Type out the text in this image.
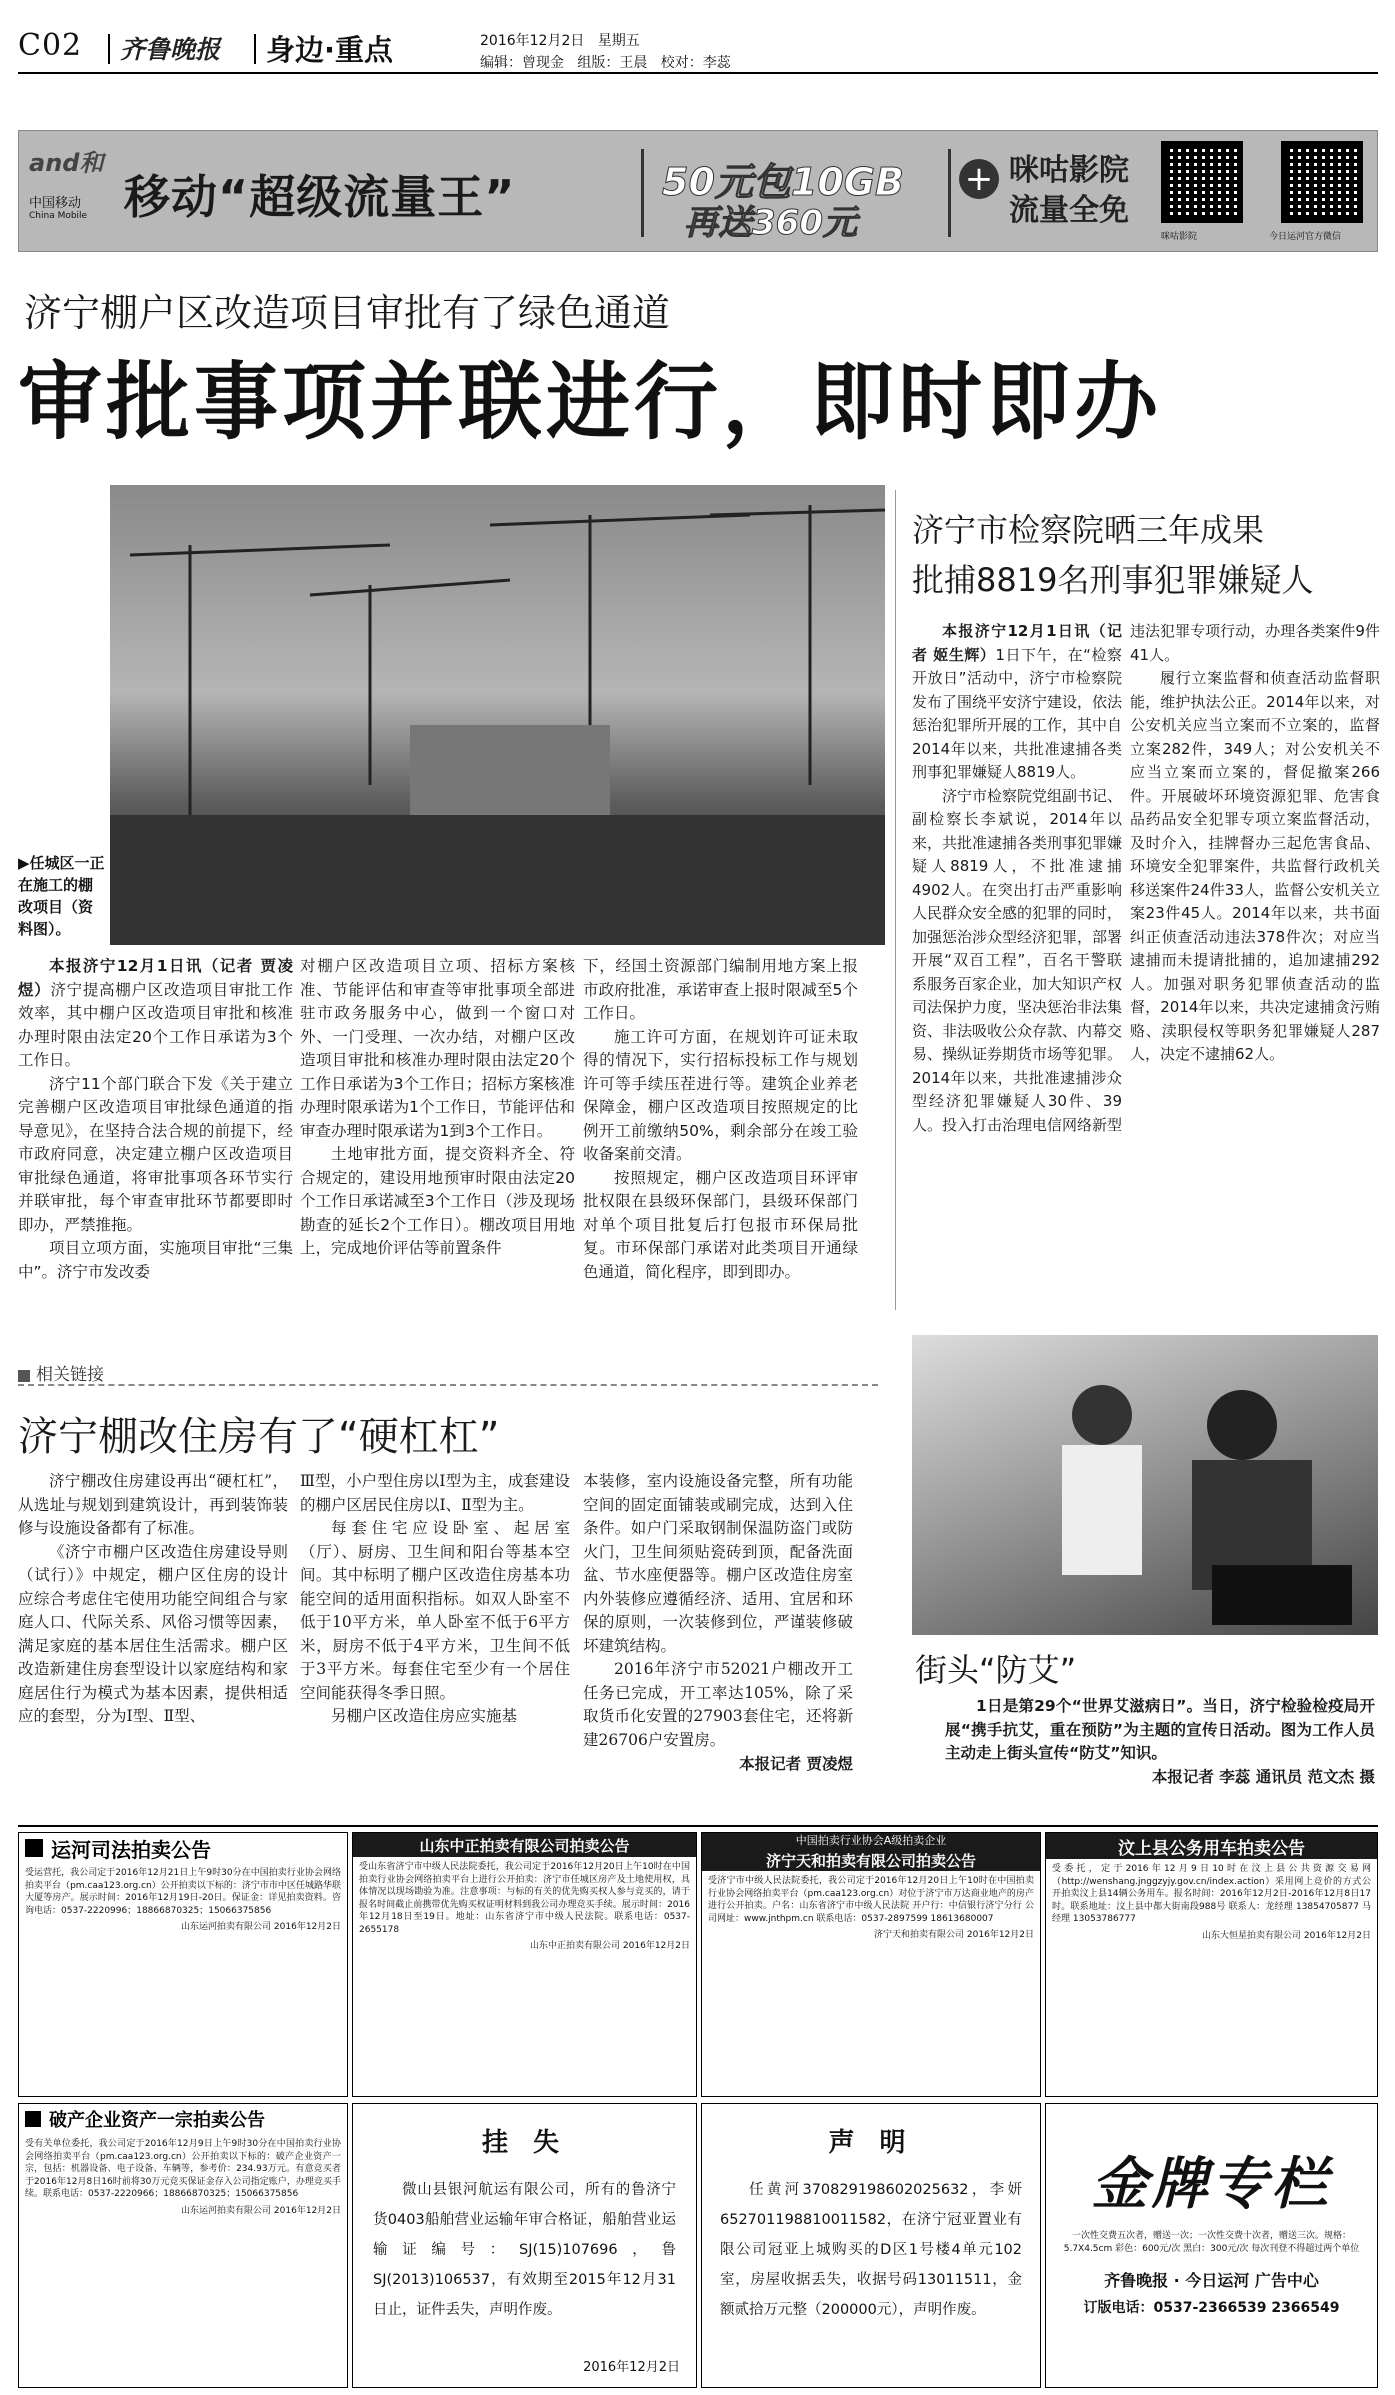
C02 齐鲁晚报 身边·重点	2016年12月2日 星期五
编辑：曾现金 组版：王晨 校对：李蕊
and和
中国移动
China Mobile 移动“超级流量王”	50元包10GB
再送360元
+ 咪咕影院
流量全免
咪咕影院	今日运河官方微信
济宁棚户区改造项目审批有了绿色通道
审批事项并联进行，即时即办
▶任城区一正在施工的棚改项目（资料图）。

本报济宁12月1日讯（记者 贾凌煜）济宁提高棚户区改造项目审批工作效率，其中棚户区改造项目审批和核准办理时限由法定20个工作日承诺为3个工作日。

济宁11个部门联合下发《关于建立完善棚户区改造项目审批绿色通道的指导意见》，在坚持合法合规的前提下，经市政府同意，决定建立棚户区改造项目审批绿色通道，将审批事项各环节实行并联审批，每个审查审批环节都要即时即办，严禁推拖。

项目立项方面，实施项目审批“三集中”。济宁市发改委

对棚户区改造项目立项、招标方案核准、节能评估和审查等审批事项全部进驻市政务服务中心，做到一个窗口对外、一门受理、一次办结，对棚户区改造项目审批和核准办理时限由法定20个工作日承诺为3个工作日；招标方案核准办理时限承诺为1个工作日，节能评估和审查办理时限承诺为1到3个工作日。

土地审批方面，提交资料齐全、符合规定的，建设用地预审时限由法定20个工作日承诺减至3个工作日（涉及现场勘查的延长2个工作日）。棚改项目用地上，完成地价评估等前置条件

下，经国土资源部门编制用地方案上报市政府批准，承诺审查上报时限减至5个工作日。

施工许可方面，在规划许可证未取得的情况下，实行招标投标工作与规划许可等手续压茬进行等。建筑企业养老保障金，棚户区改造项目按照规定的比例开工前缴纳50%，剩余部分在竣工验收备案前交清。

按照规定，棚户区改造项目环评审批权限在县级环保部门，县级环保部门对单个项目批复后打包报市环保局批复。市环保部门承诺对此类项目开通绿色通道，简化程序，即到即办。

济宁市检察院晒三年成果
批捕8819名刑事犯罪嫌疑人

本报济宁12月1日讯（记者 姬生辉）1日下午，在“检察开放日”活动中，济宁市检察院发布了围绕平安济宁建设，依法惩治犯罪所开展的工作，其中自2014年以来，共批准逮捕各类刑事犯罪嫌疑人8819人。

济宁市检察院党组副书记、副检察长李斌说，2014年以来，共批准逮捕各类刑事犯罪嫌疑人8819人，不批准逮捕4902人。在突出打击严重影响人民群众安全感的犯罪的同时，加强惩治涉众型经济犯罪，部署开展“双百工程”，百名干警联系服务百家企业，加大知识产权司法保护力度，坚决惩治非法集资、非法吸收公众存款、内幕交易、操纵证券期货市场等犯罪。2014年以来，共批准逮捕涉众型经济犯罪嫌疑人30件、39人。投入打击治理电信网络新型

违法犯罪专项行动，办理各类案件9件41人。

履行立案监督和侦查活动监督职能，维护执法公正。2014年以来，对公安机关应当立案而不立案的，监督立案282件，349人；对公安机关不应当立案而立案的，督促撤案266件。开展破坏环境资源犯罪、危害食品药品安全犯罪专项立案监督活动，及时介入，挂牌督办三起危害食品、环境安全犯罪案件，共监督行政机关移送案件24件33人，监督公安机关立案23件45人。2014年以来，共书面纠正侦查活动违法378件次；对应当逮捕而未提请批捕的，追加逮捕292人。加强对职务犯罪侦查活动的监督，2014年以来，共决定逮捕贪污贿赂、渎职侵权等职务犯罪嫌疑人287人，决定不逮捕62人。

相关链接
济宁棚改住房有了“硬杠杠”

济宁棚改住房建设再出“硬杠杠”，从选址与规划到建筑设计，再到装饰装修与设施设备都有了标准。

《济宁市棚户区改造住房建设导则（试行）》中规定，棚户区住房的设计应综合考虑住宅使用功能空间组合与家庭人口、代际关系、风俗习惯等因素，满足家庭的基本居住生活需求。棚户区改造新建住房套型设计以家庭结构和家庭居住行为模式为基本因素，提供相适应的套型，分为Ⅰ型、Ⅱ型、

Ⅲ型，小户型住房以Ⅰ型为主，成套建设的棚户区居民住房以Ⅰ、Ⅱ型为主。

每套住宅应设卧室、起居室（厅）、厨房、卫生间和阳台等基本空间。其中标明了棚户区改造住房基本功能空间的适用面积指标。如双人卧室不低于10平方米，单人卧室不低于6平方米，厨房不低于4平方米，卫生间不低于3平方米。每套住宅至少有一个居住空间能获得冬季日照。

另棚户区改造住房应实施基

本装修，室内设施设备完整，所有功能空间的固定面铺装或刷完成，达到入住条件。如户门采取钢制保温防盗门或防火门，卫生间须贴瓷砖到顶，配备洗面盆、节水座便器等。棚户区改造住房室内外装修应遵循经济、适用、宜居和环保的原则，一次装修到位，严谨装修破坏建筑结构。

2016年济宁市52021户棚改开工任务已完成，开工率达105%，除了采取货币化安置的27903套住宅，还将新建26706户安置房。

本报记者 贾凌煜

街头“防艾”

1日是第29个“世界艾滋病日”。当日，济宁检验检疫局开展“携手抗艾，重在预防”为主题的宣传日活动。图为工作人员主动走上街头宣传“防艾”知识。

本报记者 李蕊 通讯员 范文杰 摄

运河司法拍卖公告

受运营托，我公司定于2016年12月21日上午9时30分在中国拍卖行业协会网络拍卖平台（pm.caa123.org.cn）公开拍卖以下标的：济宁市市中区任城路华联大厦等房产。展示时间：2016年12月19日-20日。保证金：详见拍卖资料。咨询电话：0537-2220996；18866870325；15066375856

山东运河拍卖有限公司 2016年12月2日

山东中正拍卖有限公司拍卖公告

受山东省济宁市中级人民法院委托，我公司定于2016年12月20日上午10时在中国拍卖行业协会网络拍卖平台上进行公开拍卖：济宁市任城区房产及土地使用权，具体情况以现场勘验为准。注意事项：与标的有关的优先购买权人参与竞买的，请于报名时间截止前携带优先购买权证明材料到我公司办理竞买手续。展示时间：2016年12月18日至19日。地址：山东省济宁市中级人民法院。联系电话：0537-2655178

山东中正拍卖有限公司 2016年12月2日

中国拍卖行业协会A级拍卖企业
济宁天和拍卖有限公司拍卖公告

受济宁市中级人民法院委托，我公司定于2016年12月20日上午10时在中国拍卖行业协会网络拍卖平台（pm.caa123.org.cn）对位于济宁市万达商业地产的房产进行公开拍卖。户名：山东省济宁市中级人民法院 开户行：中信银行济宁分行 公司网址：www.jnthpm.cn 联系电话：0537-2897599 18613680007

济宁天和拍卖有限公司 2016年12月2日

汶上县公务用车拍卖公告

受委托，定于2016年12月9日10时在汶上县公共资源交易网（http://wenshang.jnggzyjy.gov.cn/index.action）采用网上竞价的方式公开拍卖汶上县14辆公务用车。报名时间：2016年12月2日-2016年12月8日17时。联系地址：汶上县中都大街南段988号 联系人：龙经理 13854705877 马经理 13053786777

山东大恒星拍卖有限公司 2016年12月2日

破产企业资产一宗拍卖公告

受有关单位委托，我公司定于2016年12月9日上午9时30分在中国拍卖行业协会网络拍卖平台（pm.caa123.org.cn）公开拍卖以下标的：破产企业资产一宗，包括：机器设备、电子设备、车辆等，参考价：234.93万元。有意竞买者于2016年12月8日16时前将30万元竞买保证金存入公司指定账户，办理竞买手续。联系电话：0537-2220966；18866870325；15066375856

山东运河拍卖有限公司 2016年12月2日

挂 失

微山县银河航运有限公司，所有的鲁济宁货0403船舶营业运输年审合格证，船舶营业运输证编号：SJ(15)107696，鲁SJ(2013)106537，有效期至2015年12月31日止，证件丢失，声明作废。

2016年12月2日
声 明

任黄河370829198602025632，李妍652701198810011582，在济宁冠亚置业有限公司冠亚上城购买的D区1号楼4单元102室，房屋收据丢失，收据号码13011511，金额贰拾万元整（200000元），声明作废。

金牌专栏
一次性交费五次者，赠送一次；一次性交费十次者，赠送三次。规格：5.7X4.5cm 彩色：600元/次 黑白：300元/次 每次刊登不得超过两个单位
齐鲁晚报 · 今日运河 广告中心
订版电话：0537-2366539 2366549
